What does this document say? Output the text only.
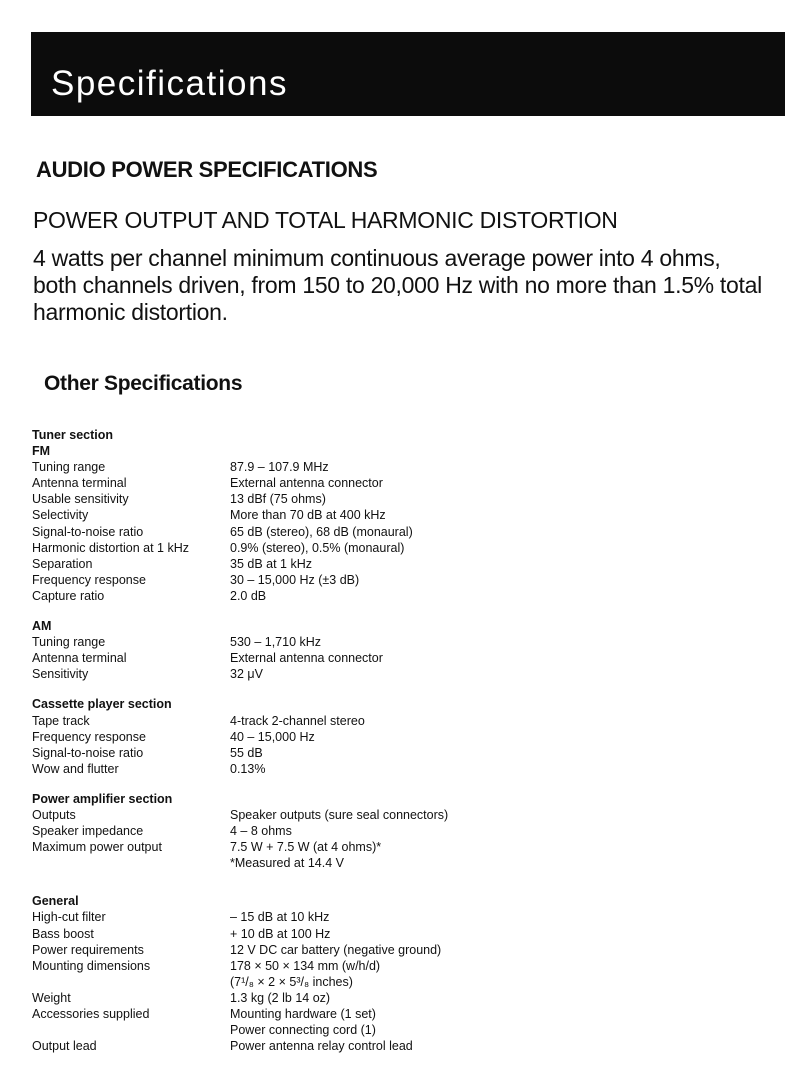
Specifications
AUDIO POWER SPECIFICATIONS
POWER OUTPUT AND TOTAL HARMONIC DISTORTION

4 watts per channel minimum continuous average power into 4 ohms, both channels driven, from 150 to 20,000 Hz with no more than 1.5% total harmonic distortion.

Other Specifications
Tuner section
FM
Tuning range	87.9 – 107.9 MHz
Antenna terminal	External antenna connector
Usable sensitivity	13 dBf (75 ohms)
Selectivity	More than 70 dB at 400 kHz
Signal-to-noise ratio	65 dB (stereo), 68 dB (monaural)
Harmonic distortion at 1 kHz	0.9% (stereo), 0.5% (monaural)
Separation	35 dB at 1 kHz
Frequency response	30 – 15,000 Hz (±3 dB)
Capture ratio	2.0 dB
AM
Tuning range	530 – 1,710 kHz
Antenna terminal	External antenna connector
Sensitivity	32 μV
Cassette player section
Tape track	4-track 2-channel stereo
Frequency response	40 – 15,000 Hz
Signal-to-noise ratio	55 dB
Wow and flutter	0.13%
Power amplifier section
Outputs	Speaker outputs (sure seal connectors)
Speaker impedance	4 – 8 ohms
Maximum power output	7.5 W + 7.5 W (at 4 ohms)*
*Measured at 14.4 V
General
High-cut filter	– 15 dB at 10 kHz
Bass boost	+ 10 dB at 100 Hz
Power requirements	12 V DC car battery (negative ground)
Mounting dimensions	178 × 50 × 134 mm (w/h/d)
(7¹/₈ × 2 × 5³/₈ inches)
Weight	1.3 kg (2 lb 14 oz)
Accessories supplied	Mounting hardware (1 set)
Power connecting cord (1)
Output lead	Power antenna relay control lead
